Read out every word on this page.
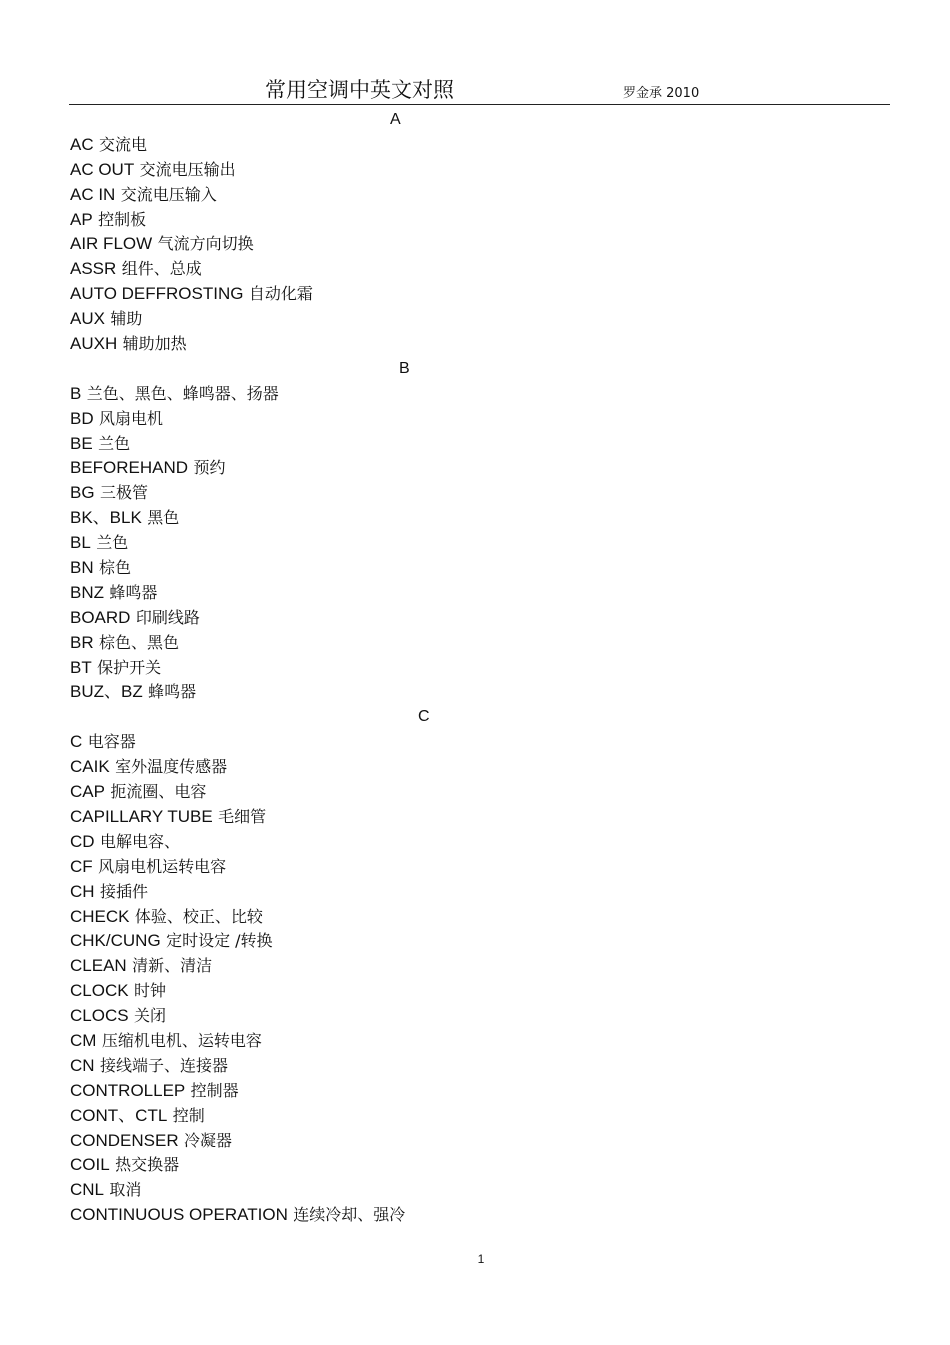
常用空调中英文对照	罗金承 2010
A
AC 交流电
AC OUT 交流电压输出
AC IN 交流电压输入
AP 控制板
AIR FLOW 气流方向切换
ASSR 组件、总成
AUTO DEFFROSTING 自动化霜
AUX 辅助
AUXH 辅助加热
B
B 兰色、黑色、蜂鸣器、扬器
BD 风扇电机
BE 兰色
BEFOREHAND 预约
BG 三极管
BK、BLK 黑色
BL 兰色
BN 棕色
BNZ 蜂鸣器
BOARD 印刷线路
BR 棕色、黑色
BT 保护开关
BUZ、BZ 蜂鸣器
C
C 电容器
CAIK 室外温度传感器
CAP 扼流圈、电容
CAPILLARY TUBE 毛细管
CD 电解电容、
CF 风扇电机运转电容
CH 接插件
CHECK 体验、校正、比较
CHK/CUNG 定时设定 /转换
CLEAN 清新、清洁
CLOCK 时钟
CLOCS 关闭
CM 压缩机电机、运转电容
CN 接线端子、连接器
CONTROLLEP 控制器
CONT、CTL 控制
CONDENSER 冷凝器
COIL 热交换器
CNL 取消
CONTINUOUS OPERATION 连续冷却、强冷
1
